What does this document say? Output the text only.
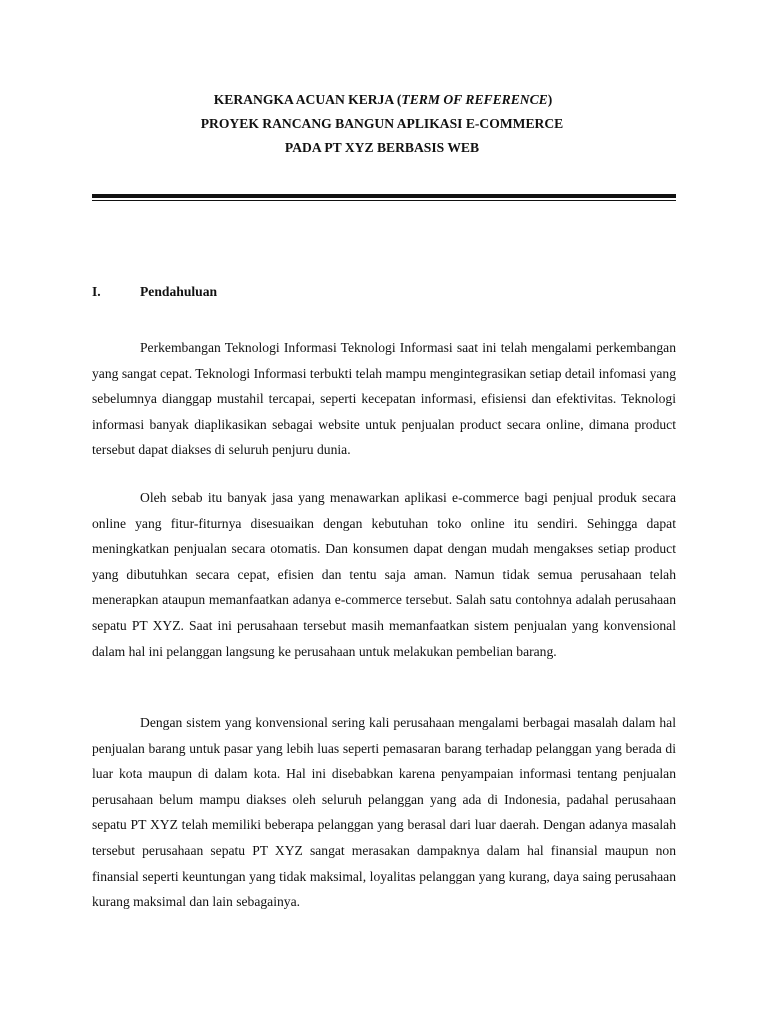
KERANGKA ACUAN KERJA (TERM OF REFERENCE)
PROYEK RANCANG BANGUN APLIKASI E-COMMERCE
PADA PT XYZ BERBASIS WEB
I.	Pendahuluan

Perkembangan Teknologi Informasi Teknologi Informasi saat ini telah mengalami perkembangan yang sangat cepat. Teknologi Informasi terbukti telah mampu mengintegrasikan setiap detail infomasi yang sebelumnya dianggap mustahil tercapai, seperti kecepatan informasi, efisiensi dan efektivitas. Teknologi informasi banyak diaplikasikan sebagai website untuk penjualan product secara online, dimana product tersebut dapat diakses di seluruh penjuru dunia.

Oleh sebab itu banyak jasa yang menawarkan aplikasi e-commerce bagi penjual produk secara online yang fitur-fiturnya disesuaikan dengan kebutuhan toko online itu sendiri. Sehingga dapat meningkatkan penjualan secara otomatis. Dan konsumen dapat dengan mudah mengakses setiap product yang dibutuhkan secara cepat, efisien dan tentu saja aman. Namun tidak semua perusahaan telah menerapkan ataupun memanfaatkan adanya e-commerce tersebut. Salah satu contohnya adalah perusahaan sepatu PT XYZ. Saat ini perusahaan tersebut masih memanfaatkan sistem penjualan yang konvensional dalam hal ini pelanggan langsung ke perusahaan untuk melakukan pembelian barang.

Dengan sistem yang konvensional sering kali perusahaan mengalami berbagai masalah dalam hal penjualan barang untuk pasar yang lebih luas seperti pemasaran barang terhadap pelanggan yang berada di luar kota maupun di dalam kota. Hal ini disebabkan karena penyampaian informasi tentang penjualan perusahaan belum mampu diakses oleh seluruh pelanggan yang ada di Indonesia, padahal perusahaan sepatu PT XYZ telah memiliki beberapa pelanggan yang berasal dari luar daerah. Dengan adanya masalah tersebut perusahaan sepatu PT XYZ sangat merasakan dampaknya dalam hal finansial maupun non finansial seperti keuntungan yang tidak maksimal, loyalitas pelanggan yang kurang, daya saing perusahaan kurang maksimal dan lain sebagainya.
